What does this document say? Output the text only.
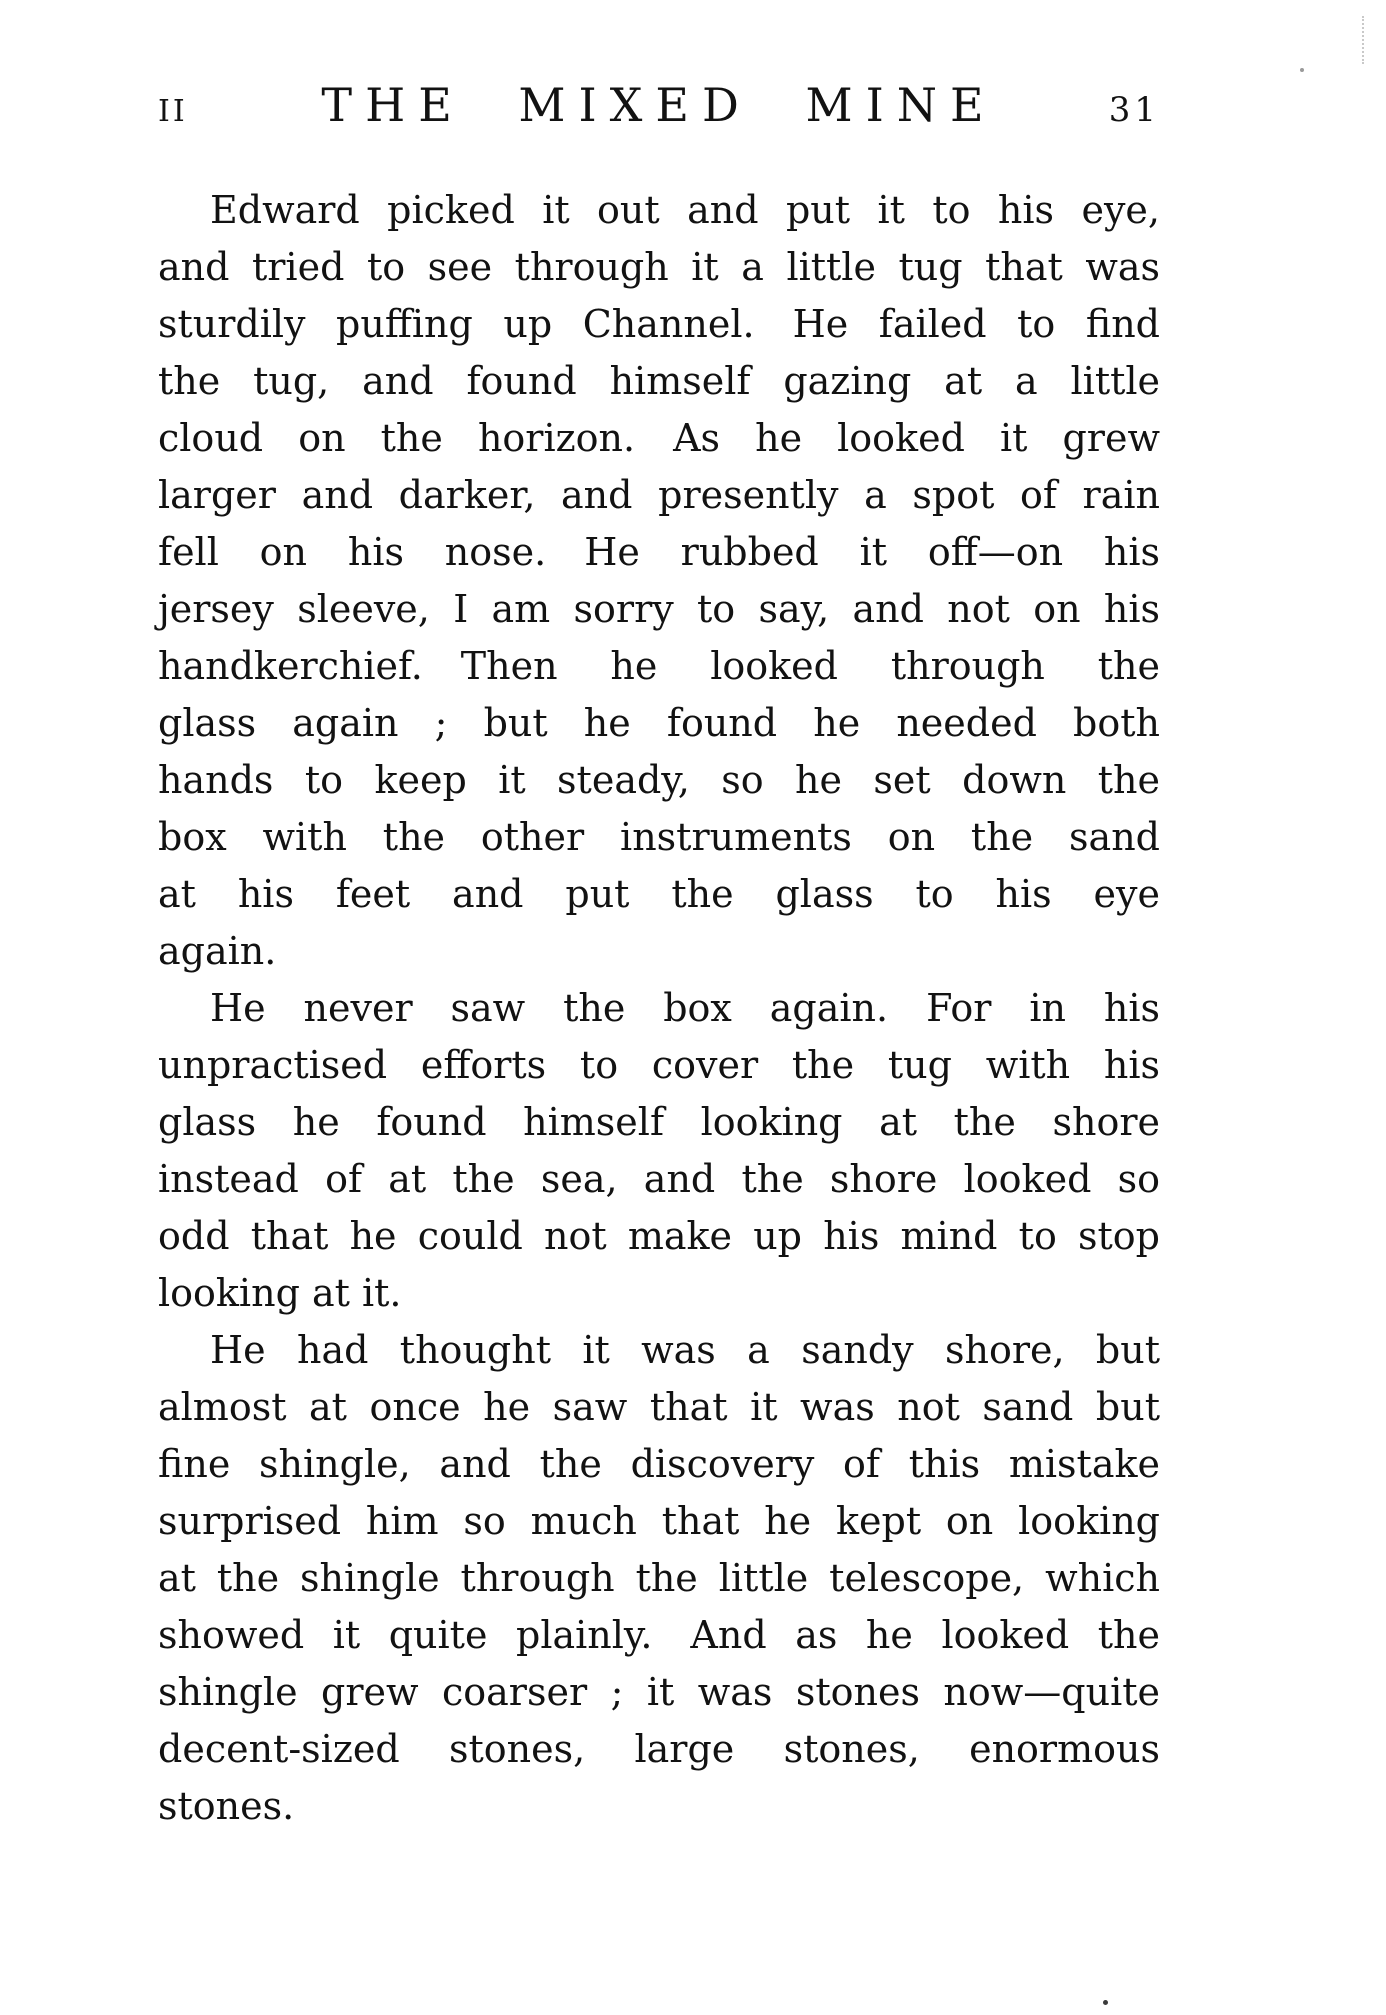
II	THE MIXED MINE	31
Edward picked it out and put it to his eye,
and tried to see through it a little tug that was
sturdily puffing up Channel. He failed to find
the tug, and found himself gazing at a little
cloud on the horizon. As he looked it grew
larger and darker, and presently a spot of rain
fell on his nose. He rubbed it off—on his
jersey sleeve, I am sorry to say, and not on his
handkerchief. Then he looked through the
glass again ; but he found he needed both
hands to keep it steady, so he set down the
box with the other instruments on the sand
at his feet and put the glass to his eye
again.
He never saw the box again. For in his
unpractised efforts to cover the tug with his
glass he found himself looking at the shore
instead of at the sea, and the shore looked so
odd that he could not make up his mind to stop
looking at it.
He had thought it was a sandy shore, but
almost at once he saw that it was not sand but
fine shingle, and the discovery of this mistake
surprised him so much that he kept on looking
at the shingle through the little telescope, which
showed it quite plainly. And as he looked the
shingle grew coarser ; it was stones now—quite
decent-sized stones, large stones, enormous
stones.
